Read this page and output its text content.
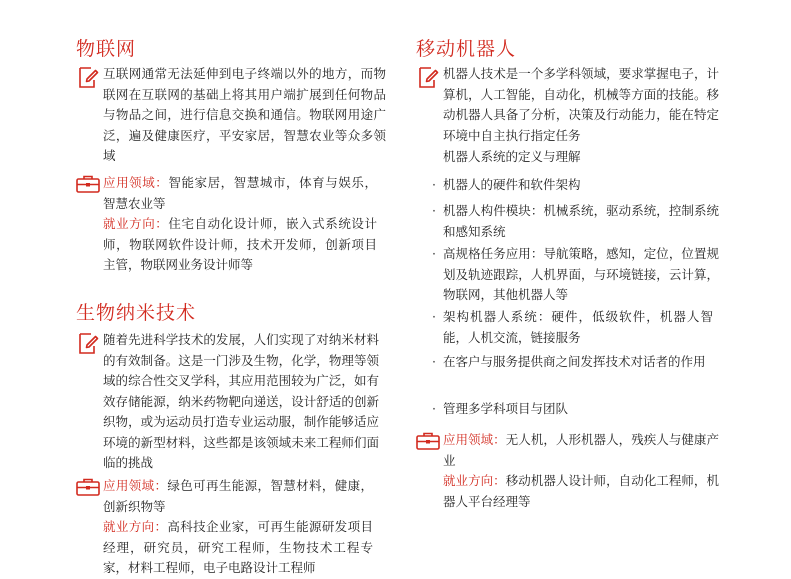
物联网

互联网通常无法延伸到电子终端以外的地方，而物联网在互联网的基础上将其用户端扩展到任何物品与物品之间，进行信息交换和通信。物联网用途广泛，遍及健康医疗，平安家居，智慧农业等众多领域

应用领域：智能家居，智慧城市，体育与娱乐，智慧农业等
就业方向：住宅自动化设计师，嵌入式系统设计师，物联网软件设计师，技术开发师，创新项目主管，物联网业务设计师等

生物纳米技术

随着先进科学技术的发展，人们实现了对纳米材料的有效制备。这是一门涉及生物，化学，物理等领域的综合性交叉学科，其应用范围较为广泛，如有效存储能源，纳米药物靶向递送，设计舒适的创新织物，或为运动员打造专业运动服，制作能够适应环境的新型材料，这些都是该领域未来工程师们面临的挑战

应用领域：绿色可再生能源，智慧材料，健康，创新织物等
就业方向：高科技企业家，可再生能源研发项目经理，研究员，研究工程师，生物技术工程专家，材料工程师，电子电路设计工程师

移动机器人

机器人技术是一个多学科领域，要求掌握电子，计算机，人工智能，自动化，机械等方面的技能。移动机器人具备了分析，决策及行动能力，能在特定环境中自主执行指定任务

机器人系统的定义与理解

· 机器人的硬件和软件架构
· 机器人构件模块：机械系统，驱动系统，控制系统和感知系统
· 高规格任务应用：导航策略，感知，定位，位置规划及轨迹跟踪，人机界面，与环境链接，云计算，物联网，其他机器人等
· 架构机器人系统：硬件，低级软件，机器人智能，人机交流，链接服务
· 在客户与服务提供商之间发挥技术对话者的作用
· 管理多学科项目与团队

应用领域：无人机，人形机器人，残疾人与健康产业
就业方向：移动机器人设计师，自动化工程师，机器人平台经理等
